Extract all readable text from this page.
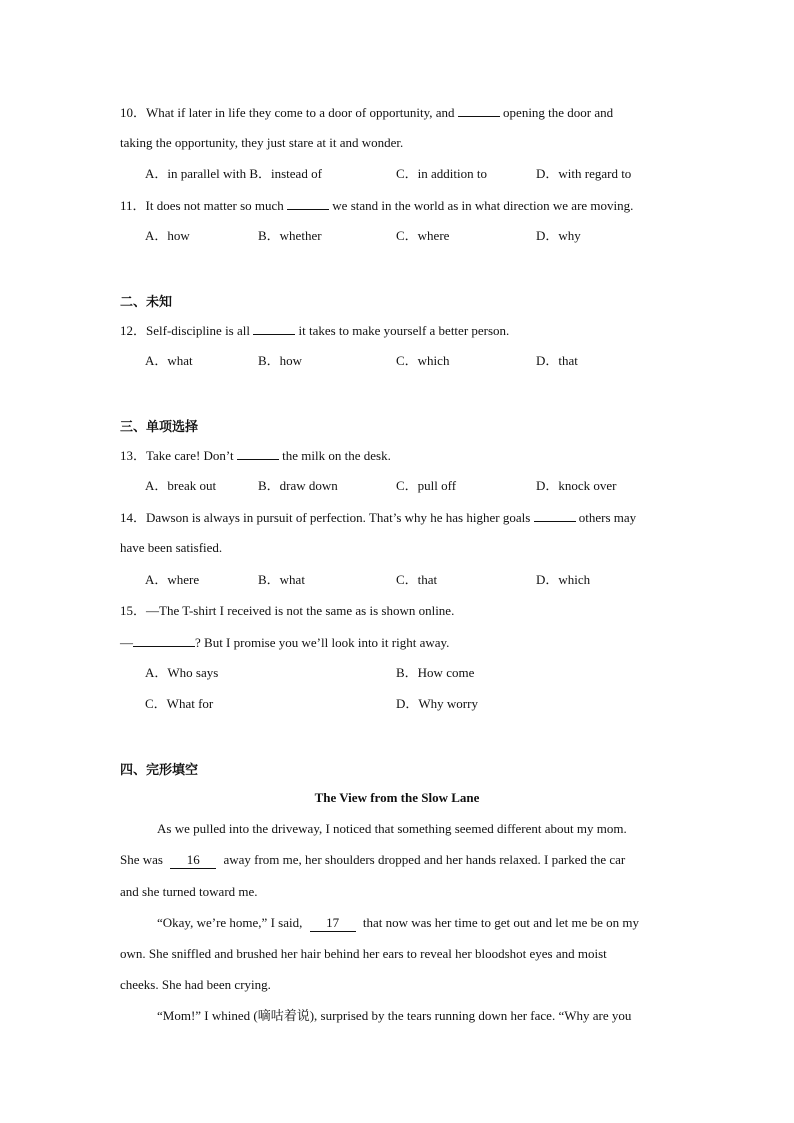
10．What if later in life they come to a door of opportunity, and	opening the door and
taking the opportunity, they just stare at it and wonder.
A．in parallel with B．instead of	C．in addition to	D．with regard to
11．It does not matter so much	we stand in the world as in what direction we are moving.
A．how	B．whether	C．where	D．why
二、未知
12．Self-discipline is all	it takes to make yourself a better person.
A．what	B．how	C．which	D．that
三、单项选择
13．Take care! Don’t	the milk on the desk.
A．break out	B．draw down	C．pull off	D．knock over
14．Dawson is always in pursuit of perfection. That’s why he has higher goals	others may
have been satisfied.
A．where	B．what	C．that	D．which
15．—The T-shirt I received is not the same as is shown online.
—	? But I promise you we’ll look into it right away.
A．Who says	B．How come
C．What for	D．Why worry
四、完形填空
The View from the Slow Lane
As we pulled into the driveway, I noticed that something seemed different about my mom.
She was 16 away from me, her shoulders dropped and her hands relaxed. I parked the car
and she turned toward me.
“Okay, we’re home,” I said, 17 that now was her time to get out and let me be on my
own. She sniffled and brushed her hair behind her ears to reveal her bloodshot eyes and moist
cheeks. She had been crying.
“Mom!” I whined (嘀咕着说), surprised by the tears running down her face. “Why are you
